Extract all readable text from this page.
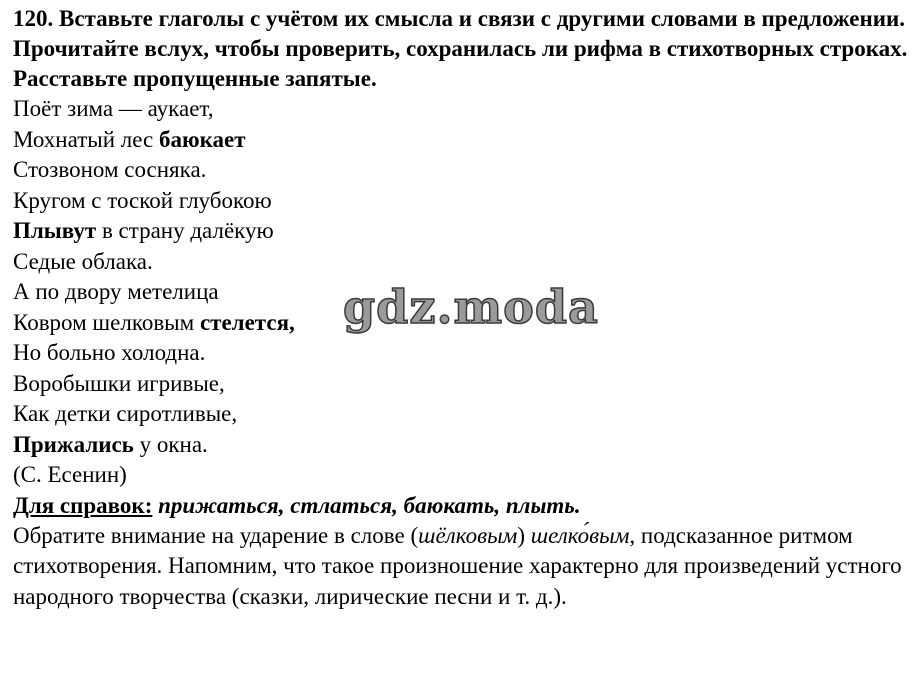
120. Вставьте глаголы с учётом их смысла и связи с другими словами в предложении. Прочитайте вслух, чтобы проверить, сохранилась ли рифма в стихотворных строках. Расставьте пропущенные запятые.

Поёт зима — аукает,
Мохнатый лес баюкает
Стозвоном сосняка.
Кругом с тоской глубокою
Плывут в страну далёкую
Седые облака.
А по двору метелица
Ковром шелковым стелется,
Но больно холодна.
Воробышки игривые,
Как детки сиротливые,
Прижались у окна.
(С. Есенин)

Для справок: прижаться, стлаться, баюкать, плыть.

Обратите внимание на ударение в слове (шёлковым) шелко́вым, подсказанное ритмом стихотворения. Напомним, что такое произношение характерно для произведений устного народного творчества (сказки, лирические песни и т. д.).

gdz.moda
